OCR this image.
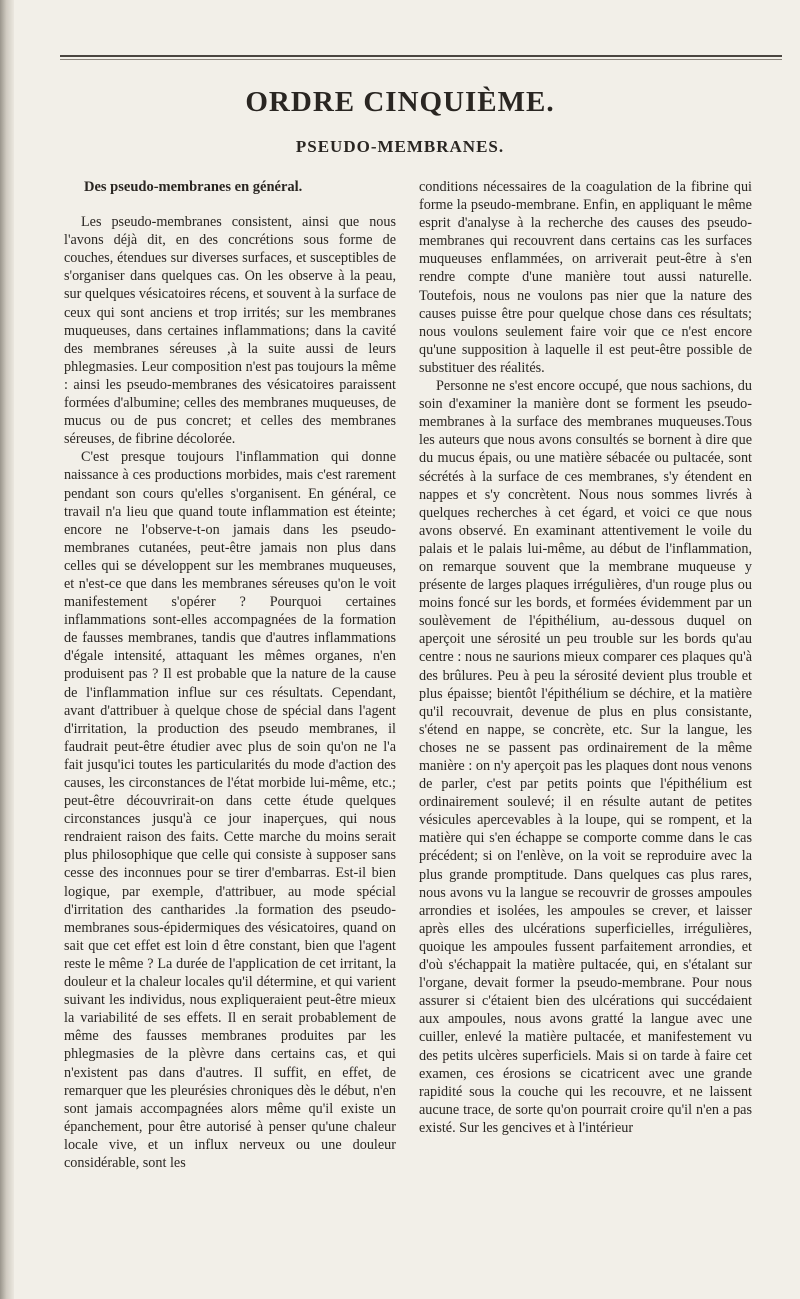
ORDRE CINQUIÈME.
PSEUDO-MEMBRANES.

Des pseudo-membranes en général.

Les pseudo-membranes consistent, ainsi que nous l'avons déjà dit, en des concrétions sous forme de couches, étendues sur diverses surfaces, et susceptibles de s'organiser dans quelques cas. On les observe à la peau, sur quelques vésicatoires récens, et souvent à la surface de ceux qui sont anciens et trop irrités; sur les membranes muqueuses, dans certaines inflammations; dans la cavité des membranes séreuses ,à la suite aussi de leurs phlegmasies. Leur composition n'est pas toujours la même : ainsi les pseudo-membranes des vésicatoires paraissent formées d'albumine; celles des membranes muqueuses, de mucus ou de pus concret; et celles des membranes séreuses, de fibrine décolorée.

C'est presque toujours l'inflammation qui donne naissance à ces productions morbides, mais c'est rarement pendant son cours qu'elles s'organisent. En général, ce travail n'a lieu que quand toute inflammation est éteinte; encore ne l'observe-t-on jamais dans les pseudo- membranes cutanées, peut-être jamais non plus dans celles qui se développent sur les membranes muqueuses, et n'est-ce que dans les membranes séreuses qu'on le voit manifestement s'opérer ? Pourquoi certaines inflammations sont-elles accompagnées de la formation de fausses membranes, tandis que d'autres inflammations d'égale intensité, attaquant les mêmes organes, n'en produisent pas ? Il est probable que la nature de la cause de l'inflammation influe sur ces résultats. Cependant, avant d'attribuer à quelque chose de spécial dans l'agent d'irritation, la production des pseudo membranes, il faudrait peut-être étudier avec plus de soin qu'on ne l'a fait jusqu'ici toutes les particularités du mode d'action des causes, les circonstances de l'état morbide lui-même, etc.; peut-être découvrirait-on dans cette étude quelques circonstances jusqu'à ce jour inaperçues, qui nous rendraient raison des faits. Cette marche du moins serait plus philosophique que celle qui consiste à supposer sans cesse des inconnues pour se tirer d'embarras. Est-il bien logique, par exemple, d'attribuer, au mode spécial d'irritation des cantharides .la formation des pseudo-membranes sous-épidermiques des vésicatoires, quand on sait que cet effet est loin d être constant, bien que l'agent reste le même ? La durée de l'application de cet irritant, la douleur et la chaleur locales qu'il détermine, et qui varient suivant les individus, nous expliqueraient peut-être mieux la variabilité de ses effets. Il en serait probablement de même des fausses membranes produites par les phlegmasies de la plèvre dans certains cas, et qui n'existent pas dans d'autres. Il suffit, en effet, de remarquer que les pleurésies chroniques dès le début, n'en sont jamais accompagnées alors même qu'il existe un épanchement, pour être autorisé à penser qu'une chaleur locale vive, et un influx nerveux ou une douleur considérable, sont les

conditions nécessaires de la coagulation de la fibrine qui forme la pseudo-membrane. Enfin, en appliquant le même esprit d'analyse à la recherche des causes des pseudo-membranes qui recouvrent dans certains cas les surfaces muqueuses enflammées, on arriverait peut-être à s'en rendre compte d'une manière tout aussi naturelle. Toutefois, nous ne voulons pas nier que la nature des causes puisse être pour quelque chose dans ces résultats; nous voulons seulement faire voir que ce n'est encore qu'une supposition à laquelle il est peut-être possible de substituer des réalités.

Personne ne s'est encore occupé, que nous sachions, du soin d'examiner la manière dont se forment les pseudo-membranes à la surface des membranes muqueuses.Tous les auteurs que nous avons consultés se bornent à dire que du mucus épais, ou une matière sébacée ou pultacée, sont sécrétés à la surface de ces membranes, s'y étendent en nappes et s'y concrètent. Nous nous sommes livrés à quelques recherches à cet égard, et voici ce que nous avons observé. En examinant attentivement le voile du palais et le palais lui-même, au début de l'inflammation, on remarque souvent que la membrane muqueuse y présente de larges plaques irrégulières, d'un rouge plus ou moins foncé sur les bords, et formées évidemment par un soulèvement de l'épithélium, au-dessous duquel on aperçoit une sérosité un peu trouble sur les bords qu'au centre : nous ne saurions mieux comparer ces plaques qu'à des brûlures. Peu à peu la sérosité devient plus trouble et plus épaisse; bientôt l'épithélium se déchire, et la matière qu'il recouvrait, devenue de plus en plus consistante, s'étend en nappe, se concrète, etc. Sur la langue, les choses ne se passent pas ordinairement de la même manière : on n'y aperçoit pas les plaques dont nous venons de parler, c'est par petits points que l'épithélium est ordinairement soulevé; il en résulte autant de petites vésicules apercevables à la loupe, qui se rompent, et la matière qui s'en échappe se comporte comme dans le cas précédent; si on l'enlève, on la voit se reproduire avec la plus grande promptitude. Dans quelques cas plus rares, nous avons vu la langue se recouvrir de grosses ampoules arrondies et isolées, les ampoules se crever, et laisser après elles des ulcérations superficielles, irrégulières, quoique les ampoules fussent parfaitement arrondies, et d'où s'échappait la matière pultacée, qui, en s'étalant sur l'organe, devait former la pseudo-membrane. Pour nous assurer si c'étaient bien des ulcérations qui succédaient aux ampoules, nous avons gratté la langue avec une cuiller, enlevé la matière pultacée, et manifestement vu des petits ulcères superficiels. Mais si on tarde à faire cet examen, ces érosions se cicatricent avec une grande rapidité sous la couche qui les recouvre, et ne laissent aucune trace, de sorte qu'on pourrait croire qu'il n'en a pas existé. Sur les gencives et à l'intérieur
